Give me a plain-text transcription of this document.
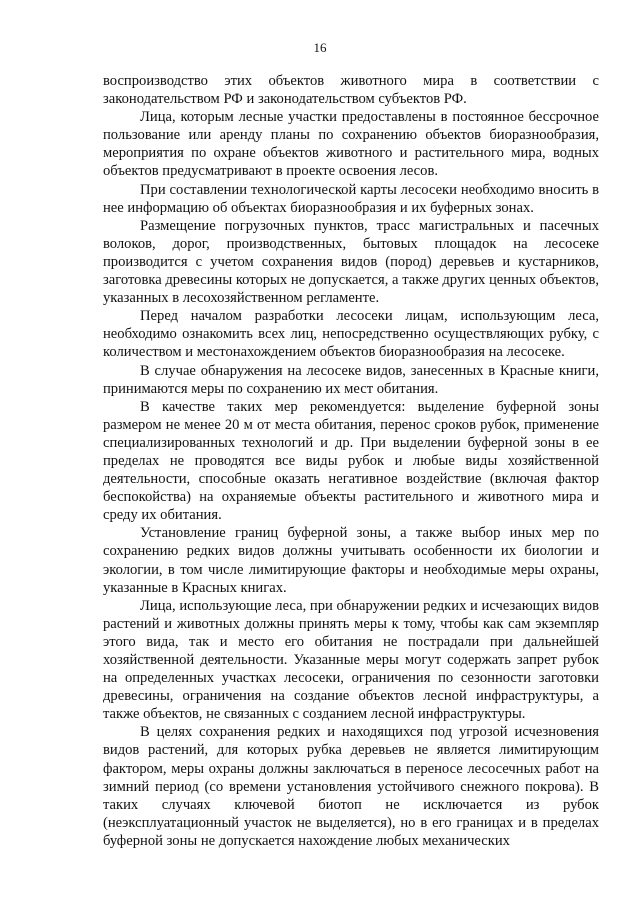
16

воспроизводство этих объектов животного мира в соответствии с законодательством РФ и законодательством субъектов РФ.

Лица, которым лесные участки предоставлены в постоянное бессрочное пользование или аренду планы по сохранению объектов биоразнообразия, мероприятия по охране объектов животного и растительного мира, водных объектов предусматривают в проекте освоения лесов.

При составлении технологической карты лесосеки необходимо вносить в нее информацию об объектах биоразнообразия и их буферных зонах.

Размещение погрузочных пунктов, трасс магистральных и пасечных волоков, дорог, производственных, бытовых площадок на лесосеке производится с учетом сохранения видов (пород) деревьев и кустарников, заготовка древесины которых не допускается, а также других ценных объектов, указанных в лесохозяйственном регламенте.

Перед началом разработки лесосеки лицам, использующим леса, необходимо ознакомить всех лиц, непосредственно осуществляющих рубку, с количеством и местонахождением объектов биоразнообразия на лесосеке.

В случае обнаружения на лесосеке видов, занесенных в Красные книги, принимаются меры по сохранению их мест обитания.

В качестве таких мер рекомендуется: выделение буферной зоны размером не менее 20 м от места обитания, перенос сроков рубок, применение специализированных технологий и др. При выделении буферной зоны в ее пределах не проводятся все виды рубок и любые виды хозяйственной деятельности, способные оказать негативное воздействие (включая фактор беспокойства) на охраняемые объекты растительного и животного мира и среду их обитания.

Установление границ буферной зоны, а также выбор иных мер по сохранению редких видов должны учитывать особенности их биологии и экологии, в том числе лимитирующие факторы и необходимые меры охраны, указанные в Красных книгах.

Лица, использующие леса, при обнаружении редких и исчезающих видов растений и животных должны принять меры к тому, чтобы как сам экземпляр этого вида, так и место его обитания не пострадали при дальнейшей хозяйственной деятельности. Указанные меры могут содержать запрет рубок на определенных участках лесосеки, ограничения по сезонности заготовки древесины, ограничения на создание объектов лесной инфраструктуры, а также объектов, не связанных с созданием лесной инфраструктуры.

В целях сохранения редких и находящихся под угрозой исчезновения видов растений, для которых рубка деревьев не является лимитирующим фактором, меры охраны должны заключаться в переносе лесосечных работ на зимний период (со времени установления устойчивого снежного покрова). В таких случаях ключевой биотоп не исключается из рубок (неэксплуатационный участок не выделяется), но в его границах и в пределах буферной зоны не допускается нахождение любых механических
